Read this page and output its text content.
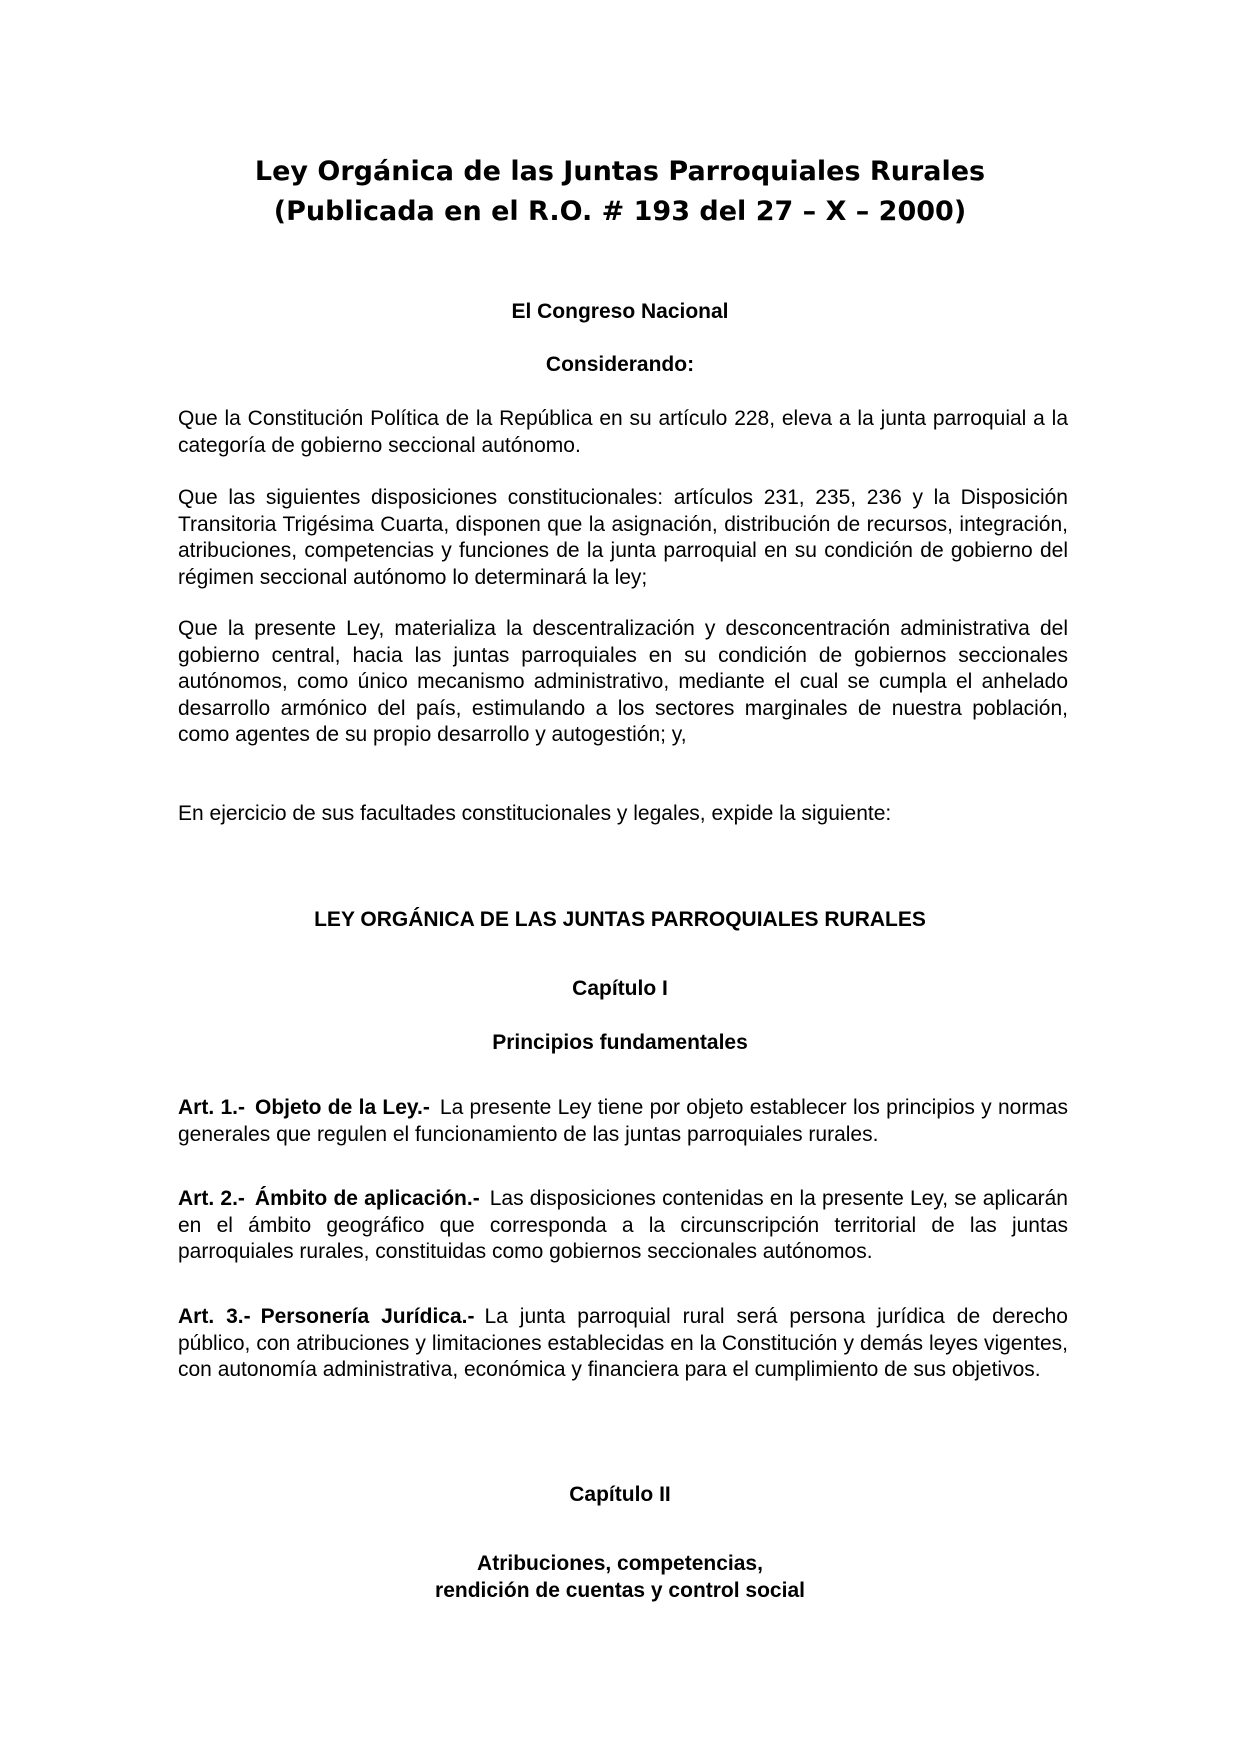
Ley Orgánica de las Juntas Parroquiales Rurales
(Publicada en el R.O. # 193 del 27 – X – 2000)
El Congreso Nacional
Considerando:
Que la Constitución Política de la República en su artículo 228, eleva a la junta parroquial a la categoría de gobierno seccional autónomo.
Que las siguientes disposiciones constitucionales: artículos 231, 235, 236 y la Disposición Transitoria Trigésima Cuarta, disponen que la asignación, distribución de recursos, integración, atribuciones, competencias y funciones de la junta parroquial en su condición de gobierno del régimen seccional autónomo lo determinará la ley;
Que la presente Ley, materializa la descentralización y desconcentración administrativa del gobierno central, hacia las juntas parroquiales en su condición de gobiernos seccionales autónomos, como único mecanismo administrativo, mediante el cual se cumpla el anhelado desarrollo armónico del país, estimulando a los sectores marginales de nuestra población, como agentes de su propio desarrollo y autogestión; y,
En ejercicio de sus facultades constitucionales y legales, expide la siguiente:
LEY ORGÁNICA DE LAS JUNTAS PARROQUIALES RURALES
Capítulo I
Principios fundamentales
Art. 1.- Objeto de la Ley.- La presente Ley tiene por objeto establecer los principios y normas generales que regulen el funcionamiento de las juntas parroquiales rurales.
Art. 2.- Ámbito de aplicación.- Las disposiciones contenidas en la presente Ley, se aplicarán en el ámbito geográfico que corresponda a la circunscripción territorial de las juntas parroquiales rurales, constituidas como gobiernos seccionales autónomos.
Art. 3.- Personería Jurídica.- La junta parroquial rural será persona jurídica de derecho público, con atribuciones y limitaciones establecidas en la Constitución y demás leyes vigentes, con autonomía administrativa, económica y financiera para el cumplimiento de sus objetivos.
Capítulo II
Atribuciones, competencias,
rendición de cuentas y control social
